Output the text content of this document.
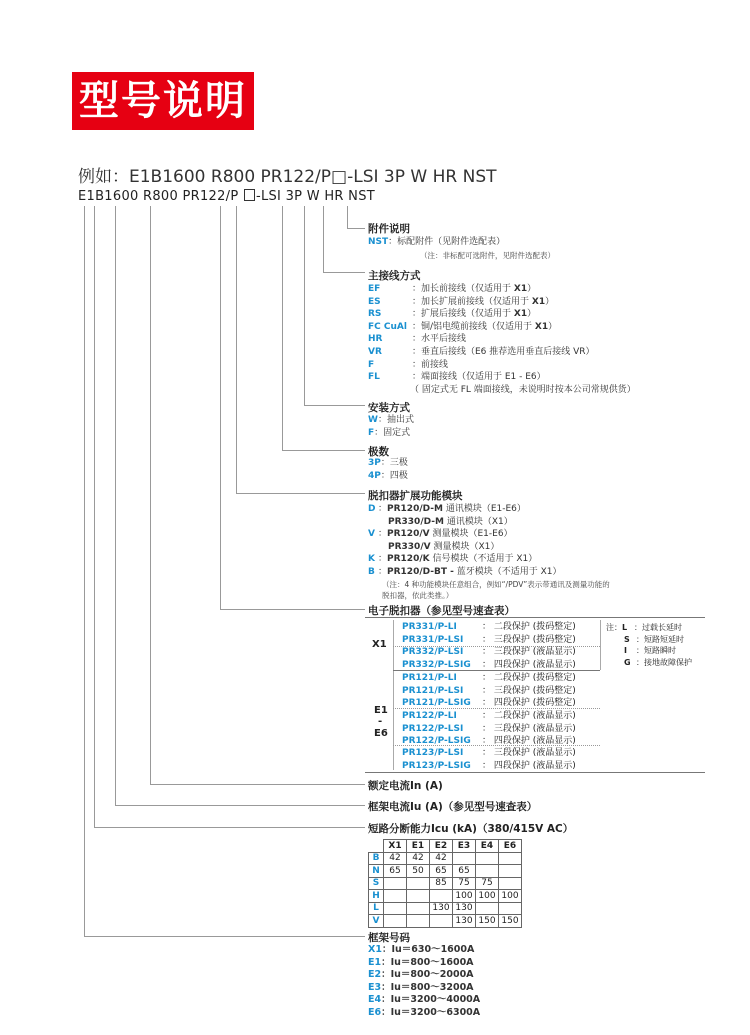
型号说明
例如：E1B1600 R800 PR122/P□-LSI 3P W HR NST
E1B1600 R800 PR122/P -LSI 3P W HR NST
附件说明
NST：标配附件（见附件选配表）
（注：非标配可选附件，见附件选配表）
主接线方式
EF	：加长前接线（仅适用于 X1）
ES	：加长扩展前接线（仅适用于 X1）
RS	：扩展后接线（仅适用于 X1）
FC CuAl ：铜/铝电缆前接线（仅适用于 X1）
HR	：水平后接线
VR	：垂直后接线（E6 推荐选用垂直后接线 VR）
F	：前接线
FL	：端面接线（仅适用于 E1 - E6）
（ 固定式无 FL 端面接线，未说明时按本公司常规供货）
安装方式
W：抽出式
F：固定式
极数
3P：三极
4P：四极
脱扣器扩展功能模块
D ：PR120/D-M 通讯模块（E1-E6）
PR330/D-M 通讯模块（X1）
V ：PR120/V 测量模块（E1-E6）
PR330/V 测量模块（X1）
K ：PR120/K 信号模块（不适用于 X1）
B ：PR120/D-BT - 蓝牙模块（不适用于 X1）
（注：4 种功能模块任意组合，例如“/PDV”表示带通讯及测量功能的
脱扣器，依此类推。）
电子脱扣器（参见型号速查表）
X1
E1
-
E6
PR331/P-LI	： 二段保护 (拨码整定)
PR331/P-LSI ： 三段保护 (拨码整定)
PR332/P-LSI ： 三段保护 (液晶显示)
PR332/P-LSIG ： 四段保护 (液晶显示)
PR121/P-LI	： 二段保护 (拨码整定)
PR121/P-LSI ： 三段保护 (拨码整定)
PR121/P-LSIG ： 四段保护 (拨码整定)
PR122/P-LI	： 二段保护 (液晶显示)
PR122/P-LSI ： 三段保护 (液晶显示)
PR122/P-LSIG ： 四段保护 (液晶显示)
PR123/P-LSI ： 三段保护 (液晶显示)
PR123/P-LSIG ： 四段保护 (液晶显示)
注：L ：过载长延时
S ：短路短延时
I ：短路瞬时
G ：接地故障保护
额定电流In (A)
框架电流Iu (A)（参见型号速查表）
短路分断能力Icu (kA)（380/415V AC）
	X1	E1	E2	E3	E4	E6
B	42	42	42			
N	65	50	65	65		
S			85	75	75	
H				100	100	100
L			130	130		
V				130	150	150
框架号码
X1：Iu＝630～1600A
E1：Iu＝800～1600A
E2：Iu＝800～2000A
E3：Iu＝800～3200A
E4：Iu＝3200～4000A
E6：Iu＝3200～6300A
